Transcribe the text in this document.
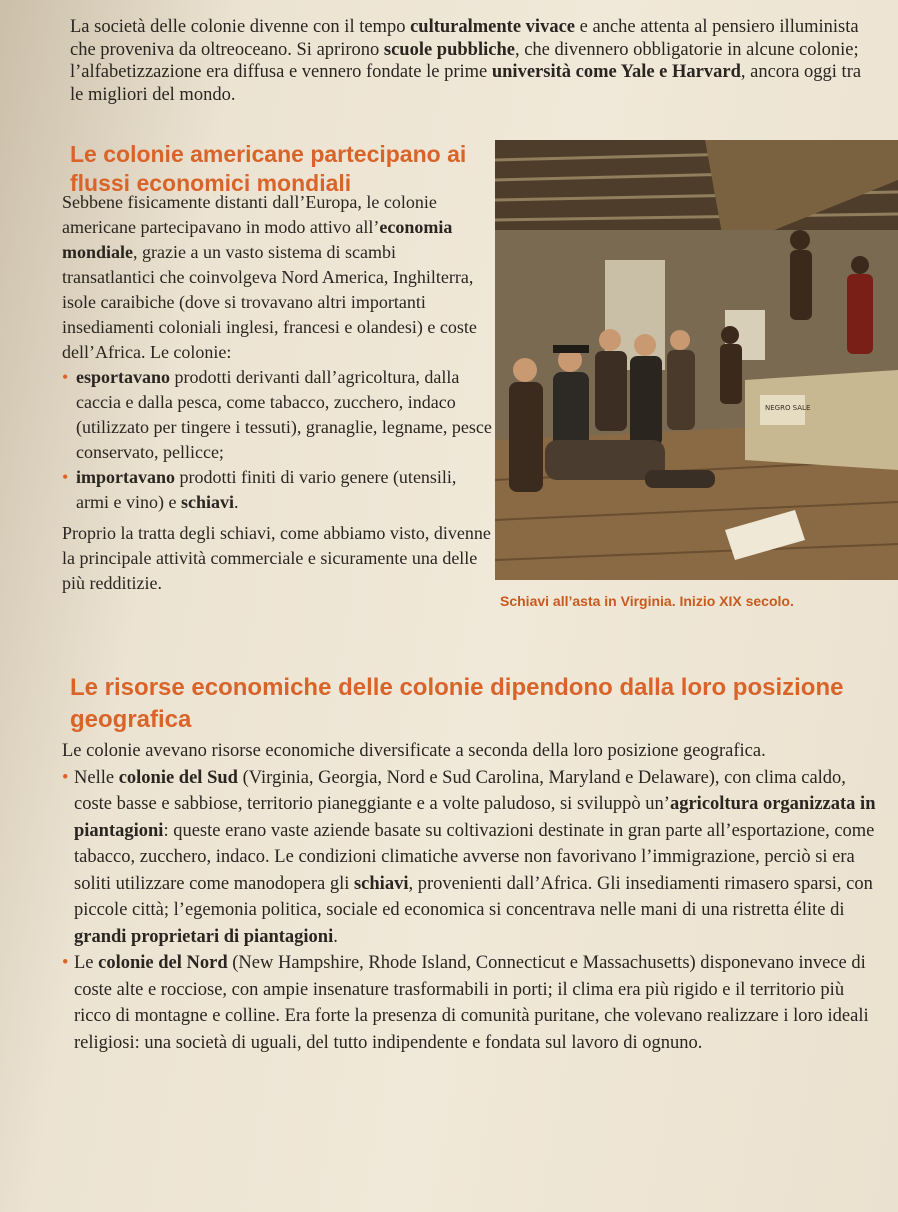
La società delle colonie divenne con il tempo culturalmente vivace e anche attenta al pensiero illuminista che proveniva da oltreoceano. Si aprirono scuole pubbliche, che divennero obbligatorie in alcune colonie; l’alfabetizzazione era diffusa e vennero fondate le prime università come Yale e Harvard, ancora oggi tra le migliori del mondo.

Le colonie americane partecipano ai flussi economici mondiali

Sebbene fisicamente distanti dall’Europa, le colonie americane partecipavano in modo attivo all’economia mondiale, grazie a un vasto sistema di scambi transatlantici che coinvolgeva Nord America, Inghilterra, isole caraibiche (dove si trovavano altri importanti insediamenti coloniali inglesi, francesi e olandesi) e coste dell’Africa. Le colonie:

• esportavano prodotti derivanti dall’agricoltura, dalla caccia e dalla pesca, come tabacco, zucchero, indaco (utilizzato per tingere i tessuti), granaglie, legname, pesce conservato, pellicce;
• importavano prodotti finiti di vario genere (utensili, armi e vino) e schiavi.

Proprio la tratta degli schiavi, come abbiamo visto, divenne la principale attività commerciale e sicuramente una delle più redditizie.

NEGRO SALE
Schiavi all’asta in Virginia. Inizio XIX secolo.
Le risorse economiche delle colonie dipendono dalla loro posizione geografica

Le colonie avevano risorse economiche diversificate a seconda della loro posizione geografica.

• Nelle colonie del Sud (Virginia, Georgia, Nord e Sud Carolina, Maryland e Delaware), con clima caldo, coste basse e sabbiose, territorio pianeggiante e a volte paludoso, si sviluppò un’agricoltura organizzata in piantagioni: queste erano vaste aziende basate su coltivazioni destinate in gran parte all’esportazione, come tabacco, zucchero, indaco. Le condizioni climatiche avverse non favorivano l’immigrazione, perciò si era soliti utilizzare come manodopera gli schiavi, provenienti dall’Africa. Gli insediamenti rimasero sparsi, con piccole città; l’egemonia politica, sociale ed economica si concentrava nelle mani di una ristretta élite di grandi proprietari di piantagioni.
• Le colonie del Nord (New Hampshire, Rhode Island, Connecticut e Massachusetts) disponevano invece di coste alte e rocciose, con ampie insenature trasformabili in porti; il clima era più rigido e il territorio più ricco di montagne e colline. Era forte la presenza di comunità puritane, che volevano realizzare i loro ideali religiosi: una società di uguali, del tutto indipendente e fondata sul lavoro di ognuno.
